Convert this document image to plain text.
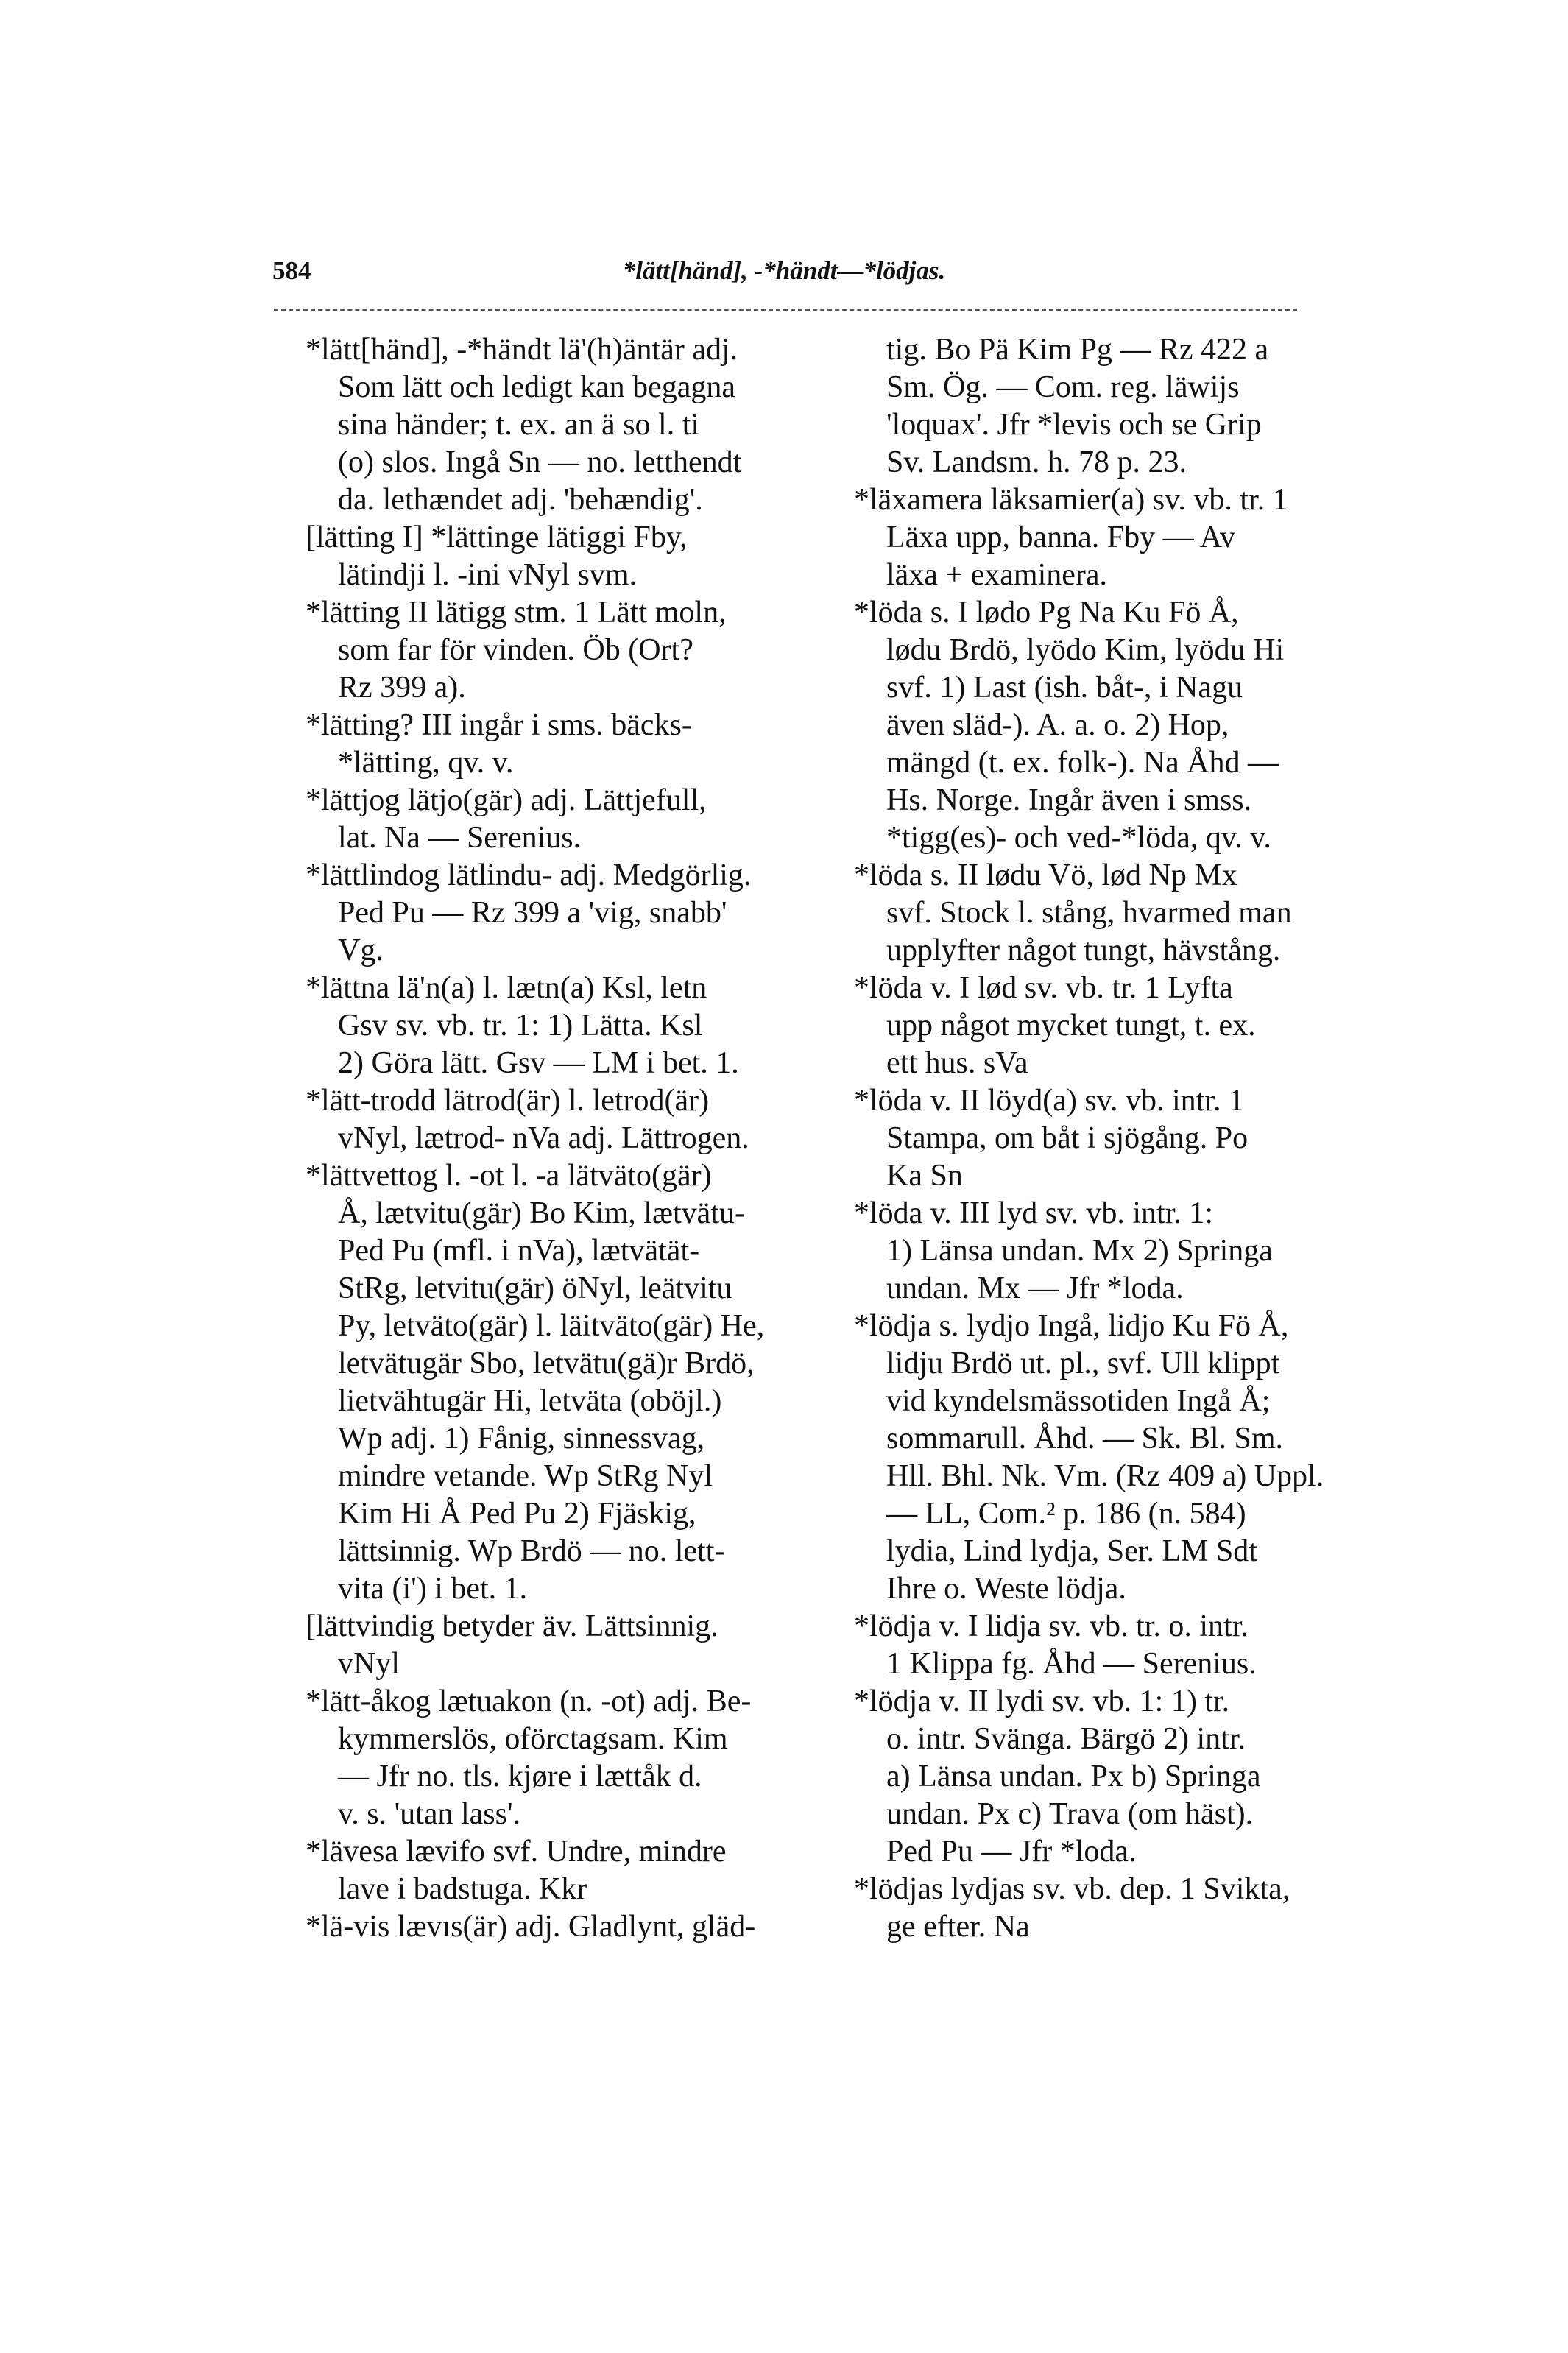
584	*lätt[händ], -*händt—*lödjas.

*lätt[händ], -*händt lä'(h)äntär adj.
Som lätt och ledigt kan begagna
sina händer; t. ex. an ä so l. ti
(o) slos. Ingå Sn — no. letthendt
da. lethændet adj. 'behændig'.
[lätting I] *lättinge lätiggi Fby,
lätindji l. -ini vNyl svm.
*lätting II lätigg stm. 1 Lätt moln,
som far för vinden. Öb (Ort?
Rz 399 a).
*lätting? III ingår i sms. bäcks-
*lätting, qv. v.
*lättjog lätjo(gär) adj. Lättjefull,
lat. Na — Serenius.
*lättlindog lätlindu- adj. Medgörlig.
Ped Pu — Rz 399 a 'vig, snabb'
Vg.
*lättna lä'n(a) l. lætn(a) Ksl, letn
Gsv sv. vb. tr. 1: 1) Lätta. Ksl
2) Göra lätt. Gsv — LM i bet. 1.
*lätt-trodd lätrod(är) l. letrod(är)
vNyl, lætrod- nVa adj. Lättrogen.
*lättvettog l. -ot l. -a lätväto(gär)
Å, lætvitu(gär) Bo Kim, lætvätu-
Ped Pu (mfl. i nVa), lætvätät-
StRg, letvitu(gär) öNyl, leätvitu
Py, letväto(gär) l. läitväto(gär) He,
letvätugär Sbo, letvätu(gä)r Brdö,
lietvähtugär Hi, letväta (oböjl.)
Wp adj. 1) Fånig, sinnessvag,
mindre vetande. Wp StRg Nyl
Kim Hi Å Ped Pu 2) Fjäskig,
lättsinnig. Wp Brdö — no. lett-
vita (i') i bet. 1.
[lättvindig betyder äv. Lättsinnig.
vNyl
*lätt-åkog lætuakon (n. -ot) adj. Be-
kymmerslös, oförctagsam. Kim
— Jfr no. tls. kjøre i lættåk d.
v. s. 'utan lass'.
*lävesa lævifo svf. Undre, mindre
lave i badstuga. Kkr
*lä-vis lævıs(är) adj. Gladlynt, gläd-
tig. Bo Pä Kim Pg — Rz 422 a
Sm. Ög. — Com. reg. läwijs
'loquax'. Jfr *levis och se Grip
Sv. Landsm. h. 78 p. 23.
*läxamera läksamier(a) sv. vb. tr. 1
Läxa upp, banna. Fby — Av
läxa + examinera.
*löda s. I lødo Pg Na Ku Fö Å,
lødu Brdö, lyödo Kim, lyödu Hi
svf. 1) Last (ish. båt-, i Nagu
även släd-). A. a. o. 2) Hop,
mängd (t. ex. folk-). Na Åhd —
Hs. Norge. Ingår även i smss.
*tigg(es)- och ved-*löda, qv. v.
*löda s. II lødu Vö, lød Np Mx
svf. Stock l. stång, hvarmed man
upplyfter något tungt, hävstång.
*löda v. I lød sv. vb. tr. 1 Lyfta
upp något mycket tungt, t. ex.
ett hus. sVa
*löda v. II löyd(a) sv. vb. intr. 1
Stampa, om båt i sjögång. Po
Ka Sn
*löda v. III lyd sv. vb. intr. 1:
1) Länsa undan. Mx 2) Springa
undan. Mx — Jfr *loda.
*lödja s. lydjo Ingå, lidjo Ku Fö Å,
lidju Brdö ut. pl., svf. Ull klippt
vid kyndelsmässotiden Ingå Å;
sommarull. Åhd. — Sk. Bl. Sm.
Hll. Bhl. Nk. Vm. (Rz 409 a) Uppl.
— LL, Com.² p. 186 (n. 584)
lydia, Lind lydja, Ser. LM Sdt
Ihre o. Weste lödja.
*lödja v. I lidja sv. vb. tr. o. intr.
1 Klippa fg. Åhd — Serenius.
*lödja v. II lydi sv. vb. 1: 1) tr.
o. intr. Svänga. Bärgö 2) intr.
a) Länsa undan. Px b) Springa
undan. Px c) Trava (om häst).
Ped Pu — Jfr *loda.
*lödjas lydjas sv. vb. dep. 1 Svikta,
ge efter. Na
